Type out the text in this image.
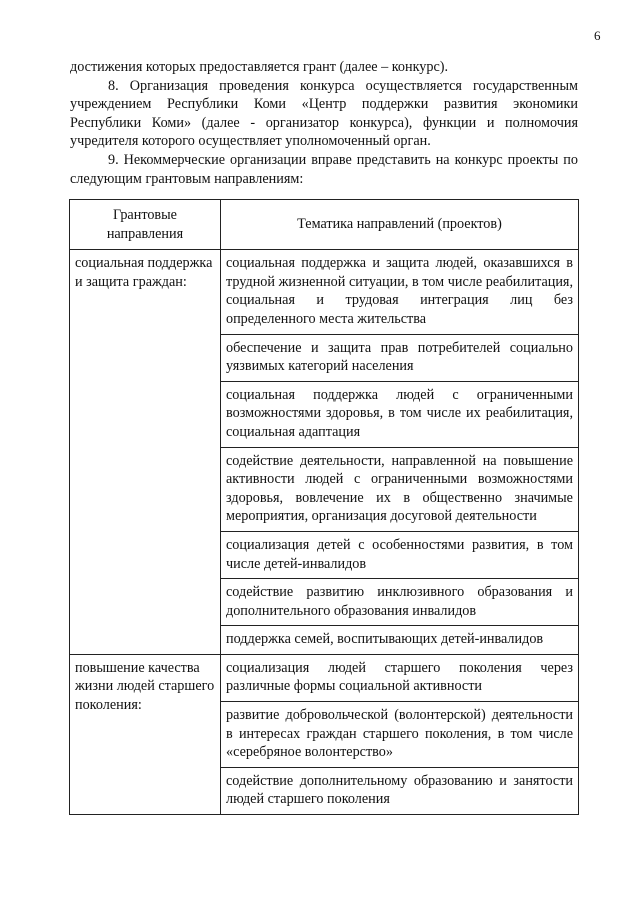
6

достижения которых предоставляется грант (далее – конкурс).

8. Организация проведения конкурса осуществляется государственным учреждением Республики Коми «Центр поддержки развития экономики Республики Коми» (далее - организатор конкурса), функции и полномочия учредителя которого осуществляет уполномоченный орган.

9. Некоммерческие организации вправе представить на конкурс проекты по следующим грантовым направлениям:

Грантовые направления	Тематика направлений (проектов)
социальная поддержка и защита граждан:	социальная поддержка и защита людей, оказавшихся в трудной жизненной ситуации, в том числе реабилитация, социальная и трудовая интеграция лиц без определенного места жительства
	обеспечение и защита прав потребителей социально уязвимых категорий населения
	социальная поддержка людей с ограниченными возможностями здоровья, в том числе их реабилитация, социальная адаптация
	содействие деятельности, направленной на повышение активности людей с ограниченными возможностями здоровья, вовлечение их в общественно значимые мероприятия, организация досуговой деятельности
	социализация детей с особенностями развития, в том числе детей-инвалидов
	содействие развитию инклюзивного образования и дополнительного образования инвалидов
	поддержка семей, воспитывающих детей-инвалидов
повышение качества жизни людей старшего поколения:	социализация людей старшего поколения через различные формы социальной активности
	развитие добровольческой (волонтерской) деятельности в интересах граждан старшего поколения, в том числе «серебряное волонтерство»
	содействие дополнительному образованию и занятости людей старшего поколения
